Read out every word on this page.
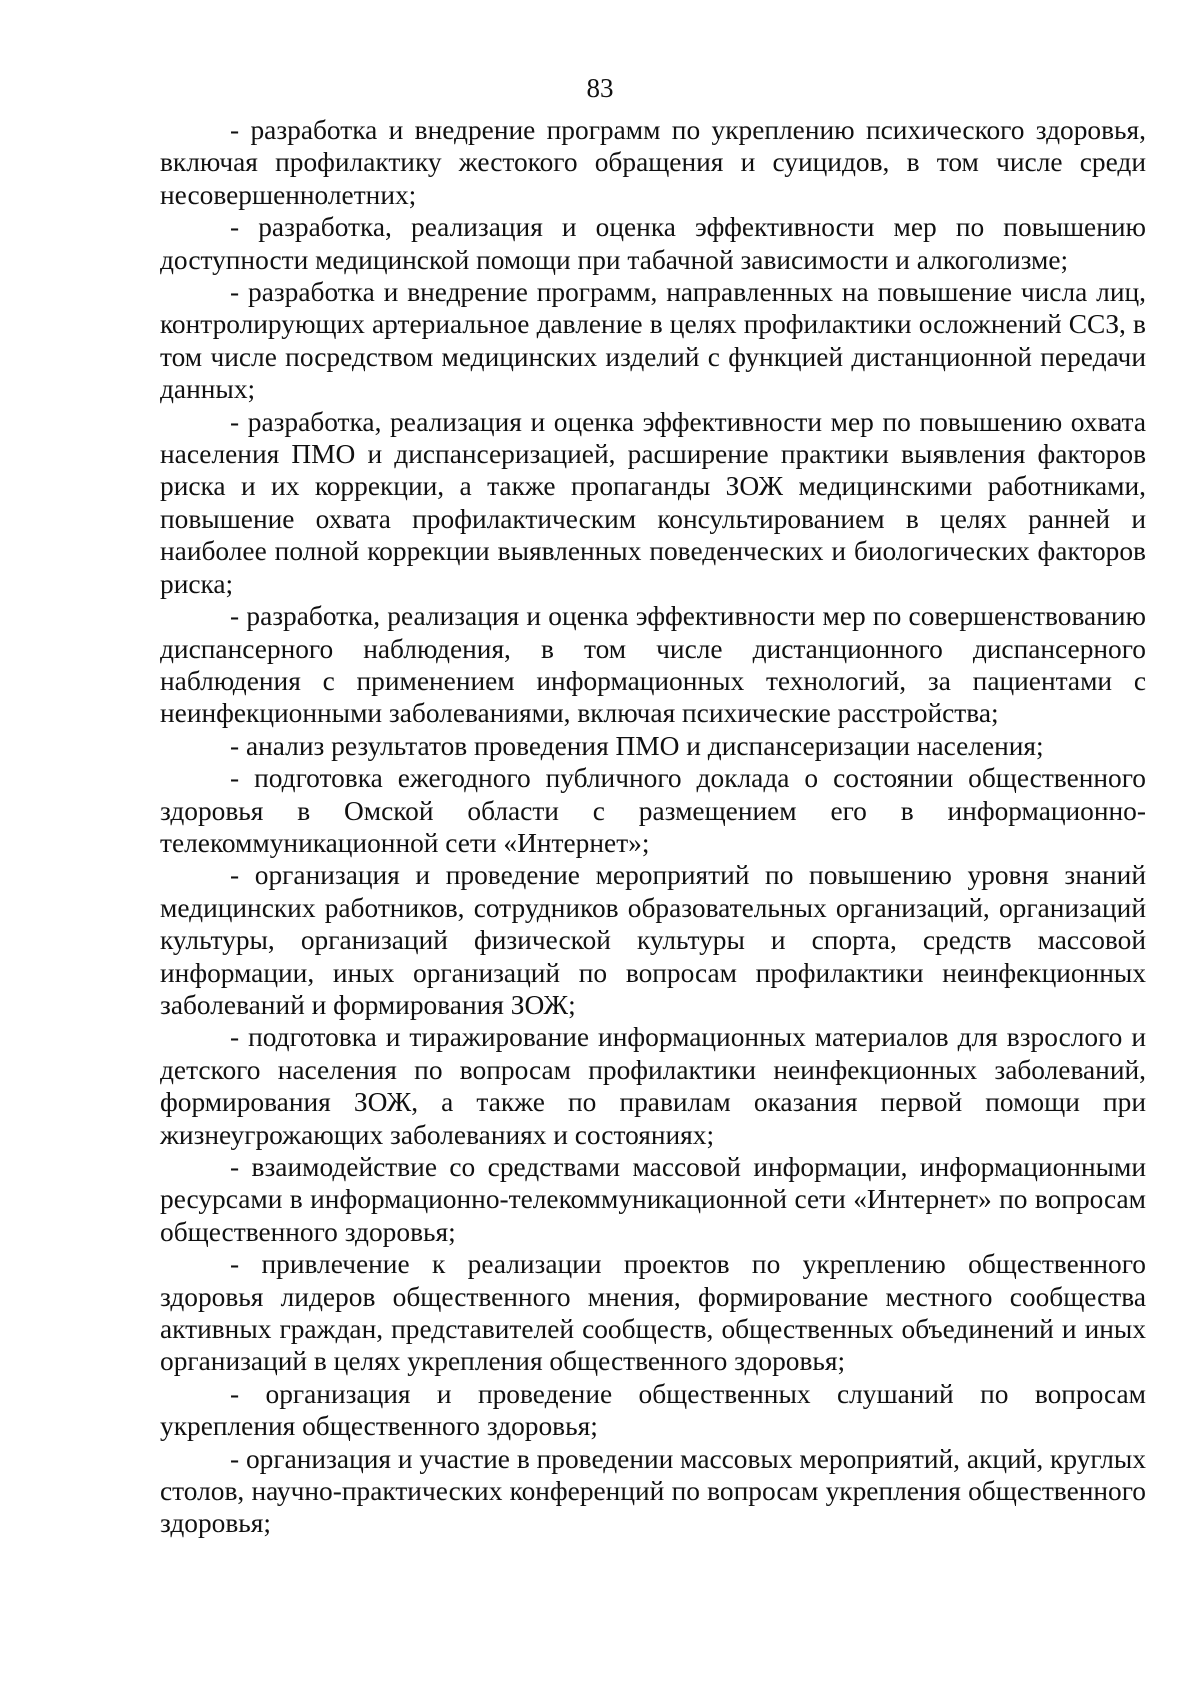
83

- разработка и внедрение программ по укреплению психического здоровья, включая профилактику жестокого обращения и суицидов, в том числе среди несовершеннолетних;

- разработка, реализация и оценка эффективности мер по повышению доступности медицинской помощи при табачной зависимости и алкоголизме;

- разработка и внедрение программ, направленных на повышение числа лиц, контролирующих артериальное давление в целях профилактики осложнений ССЗ, в том числе посредством медицинских изделий с функцией дистанционной передачи данных;

- разработка, реализация и оценка эффективности мер по повышению охвата населения ПМО и диспансеризацией, расширение практики выявления факторов риска и их коррекции, а также пропаганды ЗОЖ медицинскими работниками, повышение охвата профилактическим консультированием в целях ранней и наиболее полной коррекции выявленных поведенческих и биологических факторов риска;

- разработка, реализация и оценка эффективности мер по совершенствованию диспансерного наблюдения, в том числе дистанционного диспансерного наблюдения с применением информационных технологий, за пациентами с неинфекционными заболеваниями, включая психические расстройства;

- анализ результатов проведения ПМО и диспансеризации населения;

- подготовка ежегодного публичного доклада о состоянии общественного здоровья в Омской области с размещением его в информационно-телекоммуникационной сети «Интернет»;

- организация и проведение мероприятий по повышению уровня знаний медицинских работников, сотрудников образовательных организаций, организаций культуры, организаций физической культуры и спорта, средств массовой информации, иных организаций по вопросам профилактики неинфекционных заболеваний и формирования ЗОЖ;

- подготовка и тиражирование информационных материалов для взрослого и детского населения по вопросам профилактики неинфекционных заболеваний, формирования ЗОЖ, а также по правилам оказания первой помощи при жизнеугрожающих заболеваниях и состояниях;

- взаимодействие со средствами массовой информации, информационными ресурсами в информационно-телекоммуникационной сети «Интернет» по вопросам общественного здоровья;

- привлечение к реализации проектов по укреплению общественного здоровья лидеров общественного мнения, формирование местного сообщества активных граждан, представителей сообществ, общественных объединений и иных организаций в целях укрепления общественного здоровья;

- организация и проведение общественных слушаний по вопросам укрепления общественного здоровья;

- организация и участие в проведении массовых мероприятий, акций, круглых столов, научно-практических конференций по вопросам укрепления общественного здоровья;
